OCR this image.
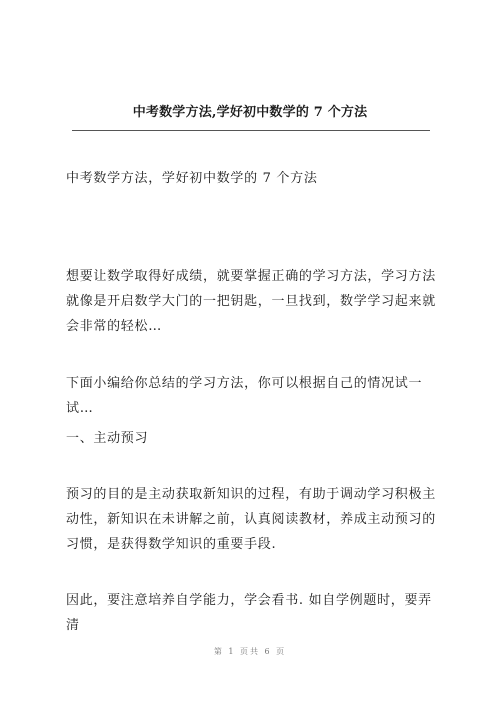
中考数学方法,学好初中数学的 7 个方法

中考数学方法，学好初中数学的 7 个方法

想要让数学取得好成绩，就要掌握正确的学习方法，学习方法就像是开启数学大门的一把钥匙，一旦找到，数学学习起来就会非常的轻松…

下面小编给你总结的学习方法，你可以根据自己的情况试一试…

一、主动预习

预习的目的是主动获取新知识的过程，有助于调动学习积极主动性，新知识在未讲解之前，认真阅读教材，养成主动预习的习惯，是获得数学知识的重要手段.

因此，要注意培养自学能力，学会看书. 如自学例题时，要弄清

第 1 页共 6 页
